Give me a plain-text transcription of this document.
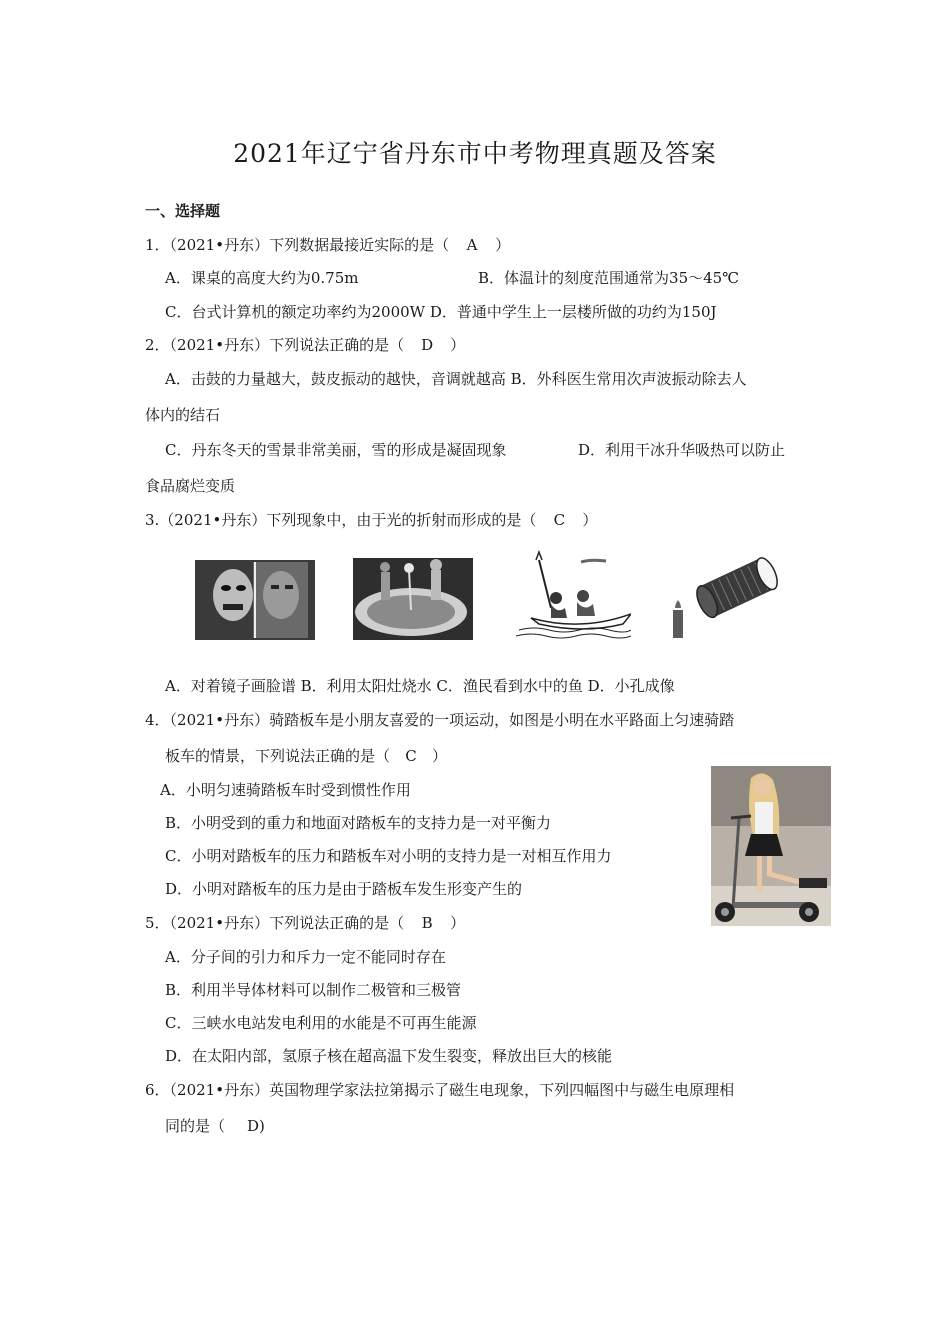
2021年辽宁省丹东市中考物理真题及答案
一、选择题
1．（2021•丹东）下列数据最接近实际的是（ A ）
A．课桌的高度大约为0.75m	B．体温计的刻度范围通常为35～45℃
C．台式计算机的额定功率约为2000W D．普通中学生上一层楼所做的功约为150J
2．（2021•丹东）下列说法正确的是（ D ）
A．击鼓的力量越大，鼓皮振动的越快，音调就越高 B．外科医生常用次声波振动除去人
体内的结石
C．丹东冬天的雪景非常美丽，雪的形成是凝固现象	D．利用干冰升华吸热可以防止
食品腐烂变质
3.（2021•丹东）下列现象中，由于光的折射而形成的是（ C ）
A．对着镜子画脸谱 B．利用太阳灶烧水 C．渔民看到水中的鱼 D．小孔成像
4．（2021•丹东）骑踏板车是小朋友喜爱的一项运动，如图是小明在水平路面上匀速骑踏
板车的情景，下列说法正确的是（ C ）
A．小明匀速骑踏板车时受到惯性作用
B．小明受到的重力和地面对踏板车的支持力是一对平衡力
C．小明对踏板车的压力和踏板车对小明的支持力是一对相互作用力
D．小明对踏板车的压力是由于踏板车发生形变产生的
5．（2021•丹东）下列说法正确的是（ B ）
A．分子间的引力和斥力一定不能同时存在
B．利用半导体材料可以制作二极管和三极管
C．三峡水电站发电利用的水能是不可再生能源
D．在太阳内部，氢原子核在超高温下发生裂变，释放出巨大的核能
6．（2021•丹东）英国物理学家法拉第揭示了磁生电现象，下列四幅图中与磁生电原理相
同的是（ D)
